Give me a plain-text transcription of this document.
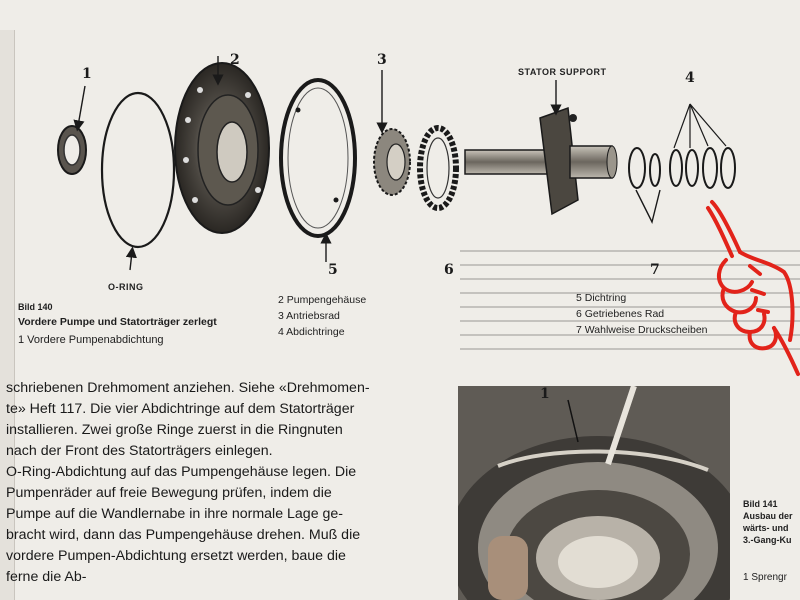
1
2	3
4
5	6	7
STATOR SUPPORT
O-RING
Bild 140
Vordere Pumpe und Statorträger zerlegt
1 Vordere Pumpenabdichtung
2 Pumpengehäuse
3 Antriebsrad
4 Abdichtringe
5 Dichtring
6 Getriebenes Rad
7 Wahlweise Druckscheiben
schriebenen Drehmoment anziehen. Siehe «Drehmomen-
te» Heft 117. Die vier Abdichtringe auf dem Statorträger
installieren. Zwei große Ringe zuerst in die Ringnuten
nach der Front des Statorträgers einlegen.
O-Ring-Abdichtung auf das Pumpengehäuse legen. Die
Pumpenräder auf freie Bewegung prüfen, indem die
Pumpe auf die Wandlernabe in ihre normale Lage ge-
bracht wird, dann das Pumpengehäuse drehen. Muß die
vordere Pumpen-Abdichtung ersetzt werden, baue die
ferne die Ab-
1
Bild 141
Ausbau der
wärts- und
3.-Gang-Ku
1 Sprengr
